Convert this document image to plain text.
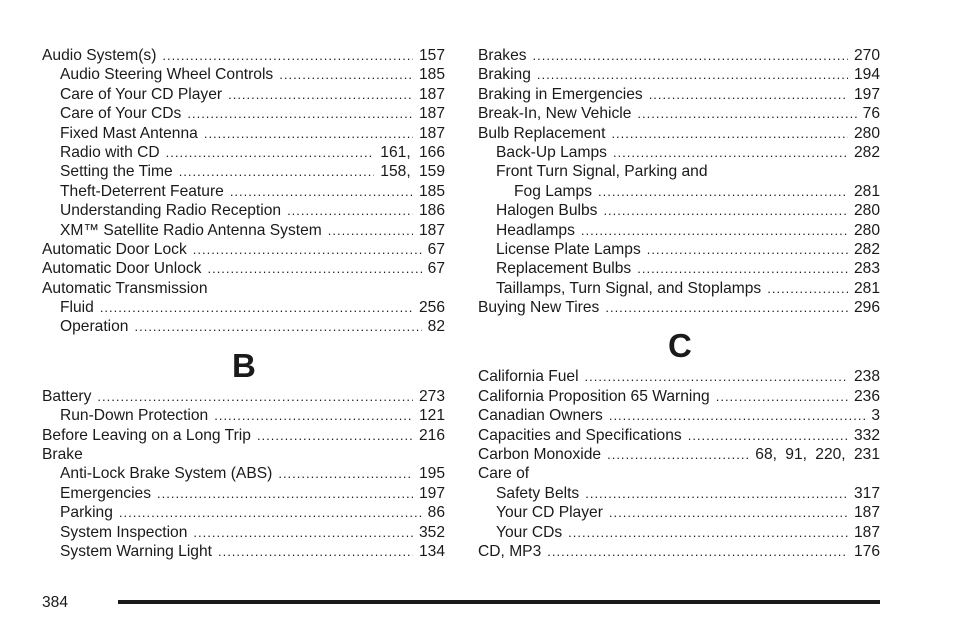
Audio System(s) .....	157
Audio Steering Wheel Controls .....	185
Care of Your CD Player .....	187
Care of Your CDs .....	187
Fixed Mast Antenna .....	187
Radio with CD .....	161, 166
Setting the Time .....	158, 159
Theft-Deterrent Feature .....	185
Understanding Radio Reception .....	186
XM™ Satellite Radio Antenna System .....	187
Automatic Door Lock .....	67
Automatic Door Unlock .....	67
Automatic Transmission
Fluid .....	256
Operation .....	82
B
Battery .....	273
Run-Down Protection .....	121
Before Leaving on a Long Trip .....	216
Brake
Anti-Lock Brake System (ABS) .....	195
Emergencies .....	197
Parking .....	86
System Inspection .....	352
System Warning Light .....	134
Brakes .....	270
Braking .....	194
Braking in Emergencies .....	197
Break-In, New Vehicle .....	76
Bulb Replacement .....	280
Back-Up Lamps .....	282
Front Turn Signal, Parking and
Fog Lamps .....	281
Halogen Bulbs .....	280
Headlamps .....	280
License Plate Lamps .....	282
Replacement Bulbs .....	283
Taillamps, Turn Signal, and Stoplamps .....	281
Buying New Tires .....	296
C
California Fuel .....	238
California Proposition 65 Warning .....	236
Canadian Owners .....	3
Capacities and Specifications .....	332
Carbon Monoxide .....	68, 91, 220, 231
Care of
Safety Belts .....	317
Your CD Player .....	187
Your CDs .....	187
CD, MP3 .....	176
384
